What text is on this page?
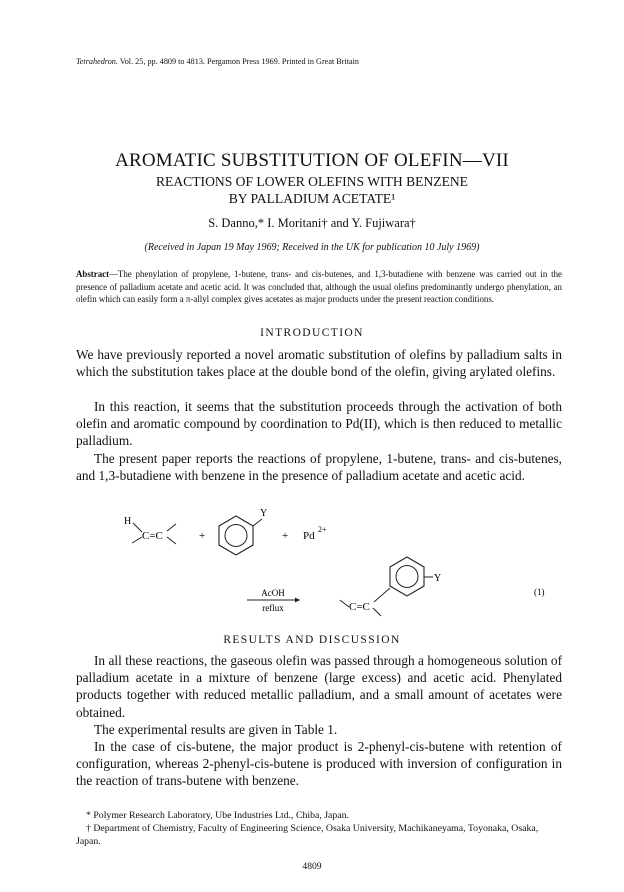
Tetrahedron. Vol. 25, pp. 4809 to 4813. Pergamon Press 1969. Printed in Great Britain
AROMATIC SUBSTITUTION OF OLEFIN—VII
REACTIONS OF LOWER OLEFINS WITH BENZENE
BY PALLADIUM ACETATE¹
S. Danno,* I. Moritani† and Y. Fujiwara†
(Received in Japan 19 May 1969; Received in the UK for publication 10 July 1969)
Abstract—The phenylation of propylene, 1-butene, trans- and cis-butenes, and 1,3-butadiene with benzene was carried out in the presence of palladium acetate and acetic acid. It was concluded that, although the usual olefins predominantly undergo phenylation, an olefin which can easily form a π-allyl complex gives acetates as major products under the present reaction conditions.
INTRODUCTION

We have previously reported a novel aromatic substitution of olefins by palladium salts in which the substitution takes place at the double bond of the olefin, giving arylated olefins.

In this reaction, it seems that the substitution proceeds through the activation of both olefin and aromatic compound by coordination to Pd(II), which is then reduced to metallic palladium.

The present paper reports the reactions of propylene, 1-butene, trans- and cis-butenes, and 1,3-butadiene with benzene in the presence of palladium acetate and acetic acid.

H
C=C	+
Y
+ Pd
2+
AcOH
reflux	C=C
Y
(1)
RESULTS AND DISCUSSION

In all these reactions, the gaseous olefin was passed through a homogeneous solution of palladium acetate in a mixture of benzene (large excess) and acetic acid. Phenylated products together with reduced metallic palladium, and a small amount of acetates were obtained.

The experimental results are given in Table 1.

In the case of cis-butene, the major product is 2-phenyl-cis-butene with retention of configuration, whereas 2-phenyl-cis-butene is produced with inversion of configuration in the reaction of trans-butene with benzene.

* Polymer Research Laboratory, Ube Industries Ltd., Chiba, Japan.

† Department of Chemistry, Faculty of Engineering Science, Osaka University, Machikaneyama, Toyonaka, Osaka, Japan.

4809
